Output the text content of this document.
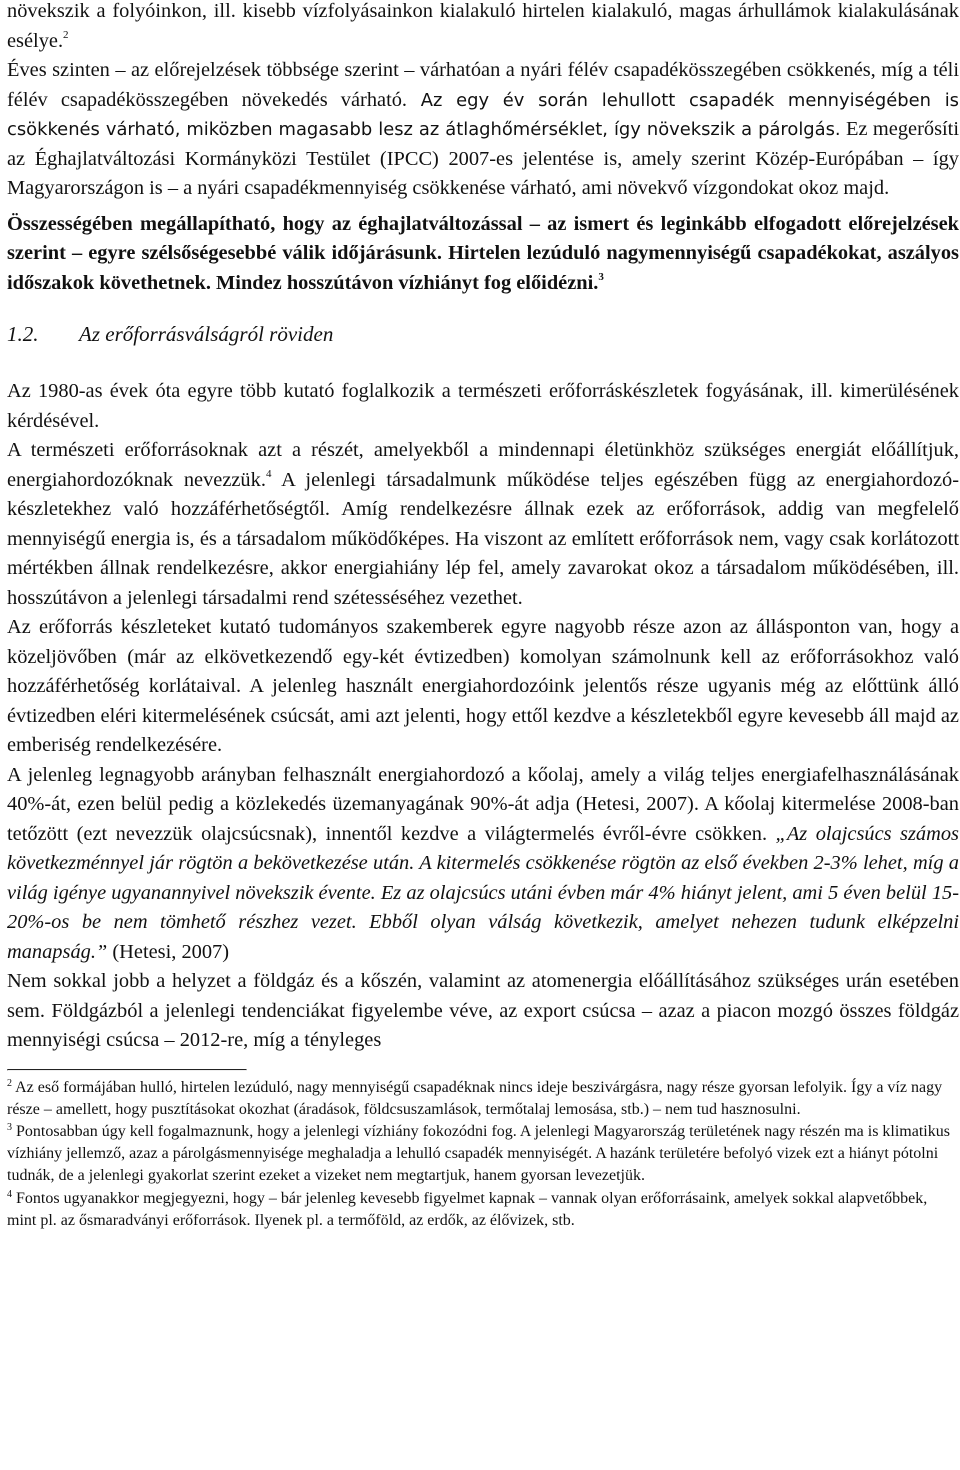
növekszik a folyóinkon, ill. kisebb vízfolyásainkon kialakuló hirtelen kialakuló, magas árhullámok kialakulásának esélye.$^2$
Éves szinten – az előrejelzések többsége szerint – várhatóan a nyári félév csapadékösszegében csökkenés, míg a téli félév csapadékösszegében növekedés várható. Az egy év során lehullott csapadék mennyiségében is csökkenés várható, miközben magasabb lesz az átlaghőmérséklet, így növekszik a párolgás. Ez megerősíti az Éghajlatváltozási Kormányközi Testület (IPCC) 2007-es jelentése is, amely szerint Közép-Európában – így Magyarországon is – a nyári csapadékmennyiség csökkenése várható, ami növekvő vízgondokat okoz majd.

Összességében megállapítható, hogy az éghajlatváltozással – az ismert és leginkább elfogadott előrejelzések szerint – egyre szélsőségesebbé válik időjárásunk. Hirtelen lezúduló nagymennyiségű csapadékokat, aszályos időszakok követhetnek. Mindez hosszútávon vízhiányt fog előidézni.$^3$

1.2. Az erőforrásválságról röviden

Az 1980-as évek óta egyre több kutató foglalkozik a természeti erőforráskészletek fogyásának, ill. kimerülésének kérdésével.

A természeti erőforrásoknak azt a részét, amelyekből a mindennapi életünkhöz szükséges energiát előállítjuk, energiahordozóknak nevezzük.$^4$ A jelenlegi társadalmunk működése teljes egészében függ az energiahordozó-készletekhez való hozzáférhetőségtől. Amíg rendelkezésre állnak ezek az erőforrások, addig van megfelelő mennyiségű energia is, és a társadalom működőképes. Ha viszont az említett erőforrások nem, vagy csak korlátozott mértékben állnak rendelkezésre, akkor energiahiány lép fel, amely zavarokat okoz a társadalom működésében, ill. hosszútávon a jelenlegi társadalmi rend szétesséséhez vezethet.

Az erőforrás készleteket kutató tudományos szakemberek egyre nagyobb része azon az állásponton van, hogy a közeljövőben (már az elkövetkezendő egy-két évtizedben) komolyan számolnunk kell az erőforrásokhoz való hozzáférhetőség korlátaival. A jelenleg használt energiahordozóink jelentős része ugyanis még az előttünk álló évtizedben eléri kitermelésének csúcsát, ami azt jelenti, hogy ettől kezdve a készletekből egyre kevesebb áll majd az emberiség rendelkezésére.

A jelenleg legnagyobb arányban felhasznált energiahordozó a kőolaj, amely a világ teljes energiafelhasználásának 40%-át, ezen belül pedig a közlekedés üzemanyagának 90%-át adja (Hetesi, 2007). A kőolaj kitermelése 2008-ban tetőzött (ezt nevezzük olajcsúcsnak), innentől kezdve a világtermelés évről-évre csökken. „Az olajcsúcs számos következménnyel jár rögtön a bekövetkezése után. A kitermelés csökkenése rögtön az első években 2-3% lehet, míg a világ igénye ugyanannyivel növekszik évente. Ez az olajcsúcs utáni évben már 4% hiányt jelent, ami 5 éven belül 15-20%-os be nem tömhető részhez vezet. Ebből olyan válság következik, amelyet nehezen tudunk elképzelni manapság.” (Hetesi, 2007)

Nem sokkal jobb a helyzet a földgáz és a kőszén, valamint az atomenergia előállításához szükséges urán esetében sem. Földgázból a jelenlegi tendenciákat figyelembe véve, az export csúcsa – azaz a piacon mozgó összes földgáz mennyiségi csúcsa – 2012-re, míg a tényleges

$^2$ Az eső formájában hulló, hirtelen lezúduló, nagy mennyiségű csapadéknak nincs ideje beszivárgásra, nagy része gyorsan lefolyik. Így a víz nagy része – amellett, hogy pusztításokat okozhat (áradások, földcsuszamlások, termőtalaj lemosása, stb.) – nem tud hasznosulni.

$^3$ Pontosabban úgy kell fogalmaznunk, hogy a jelenlegi vízhiány fokozódni fog. A jelenlegi Magyarország területének nagy részén ma is klimatikus vízhiány jellemző, azaz a párolgásmennyisége meghaladja a lehulló csapadék mennyiségét. A hazánk területére befolyó vizek ezt a hiányt pótolni tudnák, de a jelenlegi gyakorlat szerint ezeket a vizeket nem megtartjuk, hanem gyorsan levezetjük.

$^4$ Fontos ugyanakkor megjegyezni, hogy – bár jelenleg kevesebb figyelmet kapnak – vannak olyan erőforrásaink, amelyek sokkal alapvetőbbek, mint pl. az ősmaradványi erőforrások. Ilyenek pl. a termőföld, az erdők, az élővizek, stb.
